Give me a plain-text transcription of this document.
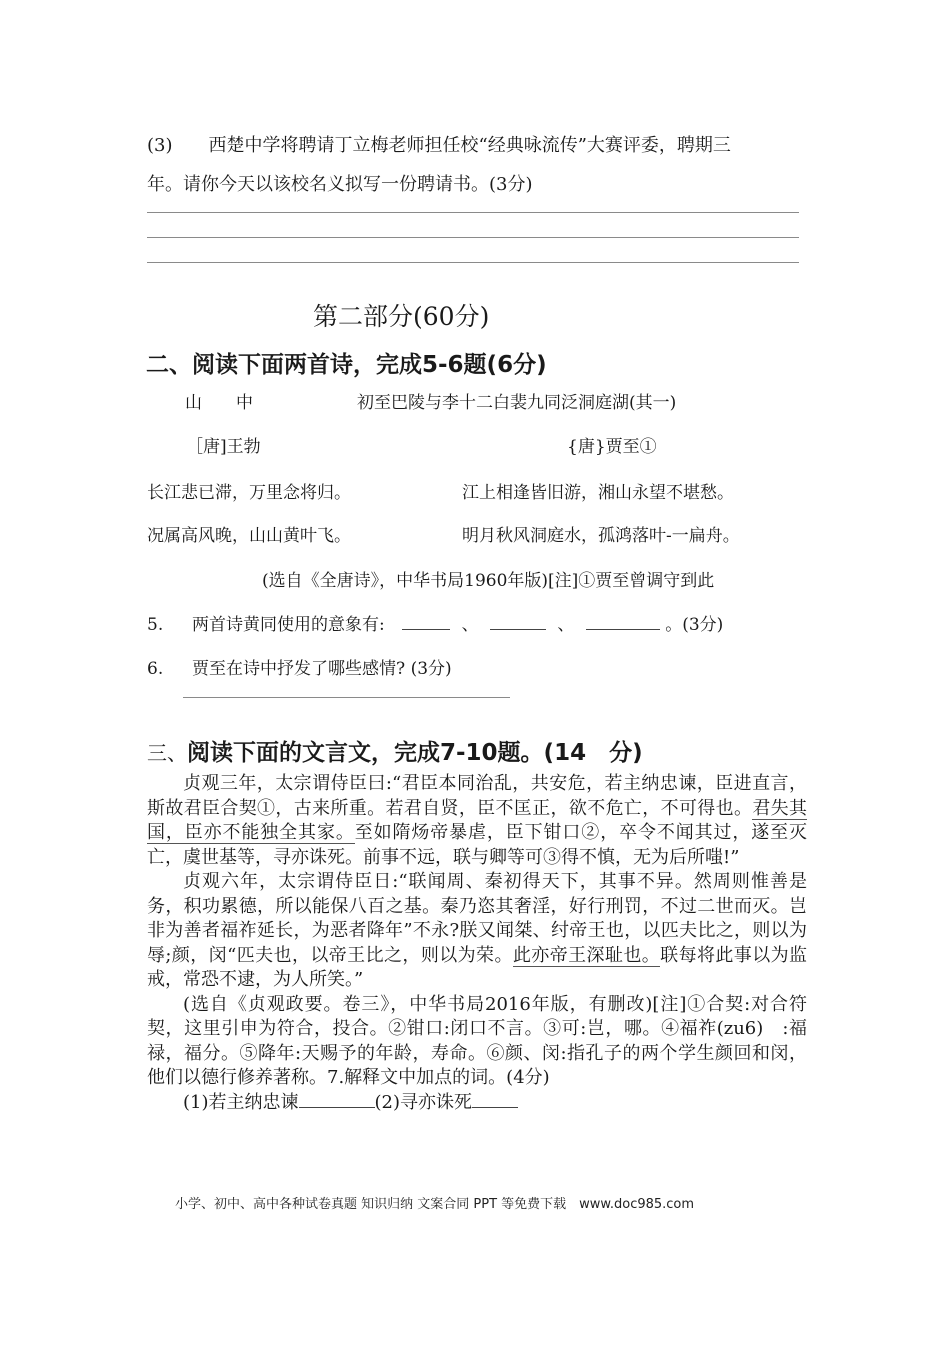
(3)　　西楚中学将聘请丁立梅老师担任校“经典咏流传”大赛评委，聘期三
年。请你今天以该校名义拟写一份聘请书。(3分)
第二部分(60分)
二、阅读下面两首诗，完成5-6题(6分)
山　　中	初至巴陵与李十二白裴九同泛洞庭湖(其一)
［唐]王勃	{唐}贾至①
长江悲已滞，万里念将归。	江上相逢皆旧游，湘山永望不堪愁。
况属高风晚，山山黄叶飞。	明月秋风洞庭水，孤鸿落叶-一扁舟。
(选自《全唐诗》，中华书局1960年版)[注]①贾至曾调守到此
5. 两首诗黄同使用的意象有:	、	、	。(3分)
6. 贾至在诗中抒发了哪些感情? (3分)
三、阅读下面的文言文，完成7-10题。(14　分)

贞观三年，太宗谓侍臣曰:“君臣本同治乱，共安危，若主纳忠谏，臣进直言，斯故君臣合契①，古来所重。若君自贤，臣不匡正，欲不危亡，不可得也。君失其国，臣亦不能独全其家。至如隋炀帝暴虐，臣下钳口②，卒令不闻其过，遂至灭亡，虞世基等，寻亦诛死。前事不远，联与卿等可③得不慎，无为后所嗤!”

贞观六年，太宗谓侍臣日:“联闻周、秦初得天下，其事不异。然周则惟善是务，积功累德，所以能保八百之基。秦乃恣其奢淫，好行刑罚，不过二世而灭。岂非为善者福祚延长，为恶者降年”不永?朕又闻桀、纣帝王也，以匹夫比之，则以为辱;颜，闵“匹夫也，以帝王比之，则以为荣。此亦帝王深耻也。联每将此事以为监戒，常恐不逮，为人所笑。”

(选自《贞观政要。卷三》，中华书局2016年版，有删改)[注]①合契:对合符契，这里引申为符合，投合。②钳口:闭口不言。③可:岂，哪。④福祚(zu6)　:福禄，福分。⑤降年:天赐予的年龄，寿命。⑥颜、闵:指孔子的两个学生颜回和闵，他们以德行修养著称。7.解释文中加点的词。(4分)

(1)若主纳忠谏	(2)寻亦诛死

小学、初中、高中各种试卷真题 知识归纳 文案合同 PPT 等免费下载　www.doc985.com
